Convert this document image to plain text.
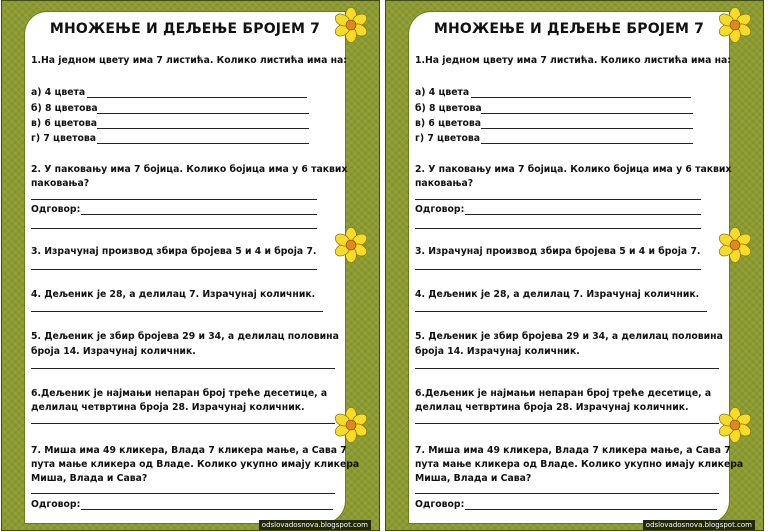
МНОЖЕЊЕ И ДЕЉЕЊЕ БРОЈЕМ 7
1.На једном цвету има 7 листића. Колико листића има на:
а) 4 цвета
б) 8 цветова
в) 6 цветова
г) 7 цветова
2. У паковању има 7 бојица. Колико бојица има у 6 таквих
паковања?
Одговор:
3. Израчунај производ збира бројева 5 и 4 и броја 7.
4. Дељеник је 28, а делилац 7. Израчунај количник.
5. Дељеник је збир бројева 29 и 34, а делилац половина
броја 14. Израчунај количник.
6.Дељеник је најмањи непаран број треће десетице, а
делилац четвртина броја 28. Израчунај количник.
7. Миша има 49 кликера, Влада 7 кликера мање, а Сава 7
пута мање кликера од Владе. Колико укупно имају кликера
Миша, Влада и Сава?
Одговор:
odslovadosnova.blogspot.com
МНОЖЕЊЕ И ДЕЉЕЊЕ БРОЈЕМ 7
1.На једном цвету има 7 листића. Колико листића има на:
а) 4 цвета
б) 8 цветова
в) 6 цветова
г) 7 цветова
2. У паковању има 7 бојица. Колико бојица има у 6 таквих
паковања?
Одговор:
3. Израчунај производ збира бројева 5 и 4 и броја 7.
4. Дељеник је 28, а делилац 7. Израчунај количник.
5. Дељеник је збир бројева 29 и 34, а делилац половина
броја 14. Израчунај количник.
6.Дељеник је најмањи непаран број треће десетице, а
делилац четвртина броја 28. Израчунај количник.
7. Миша има 49 кликера, Влада 7 кликера мање, а Сава 7
пута мање кликера од Владе. Колико укупно имају кликера
Миша, Влада и Сава?
Одговор:
odslovadosnova.blogspot.com
